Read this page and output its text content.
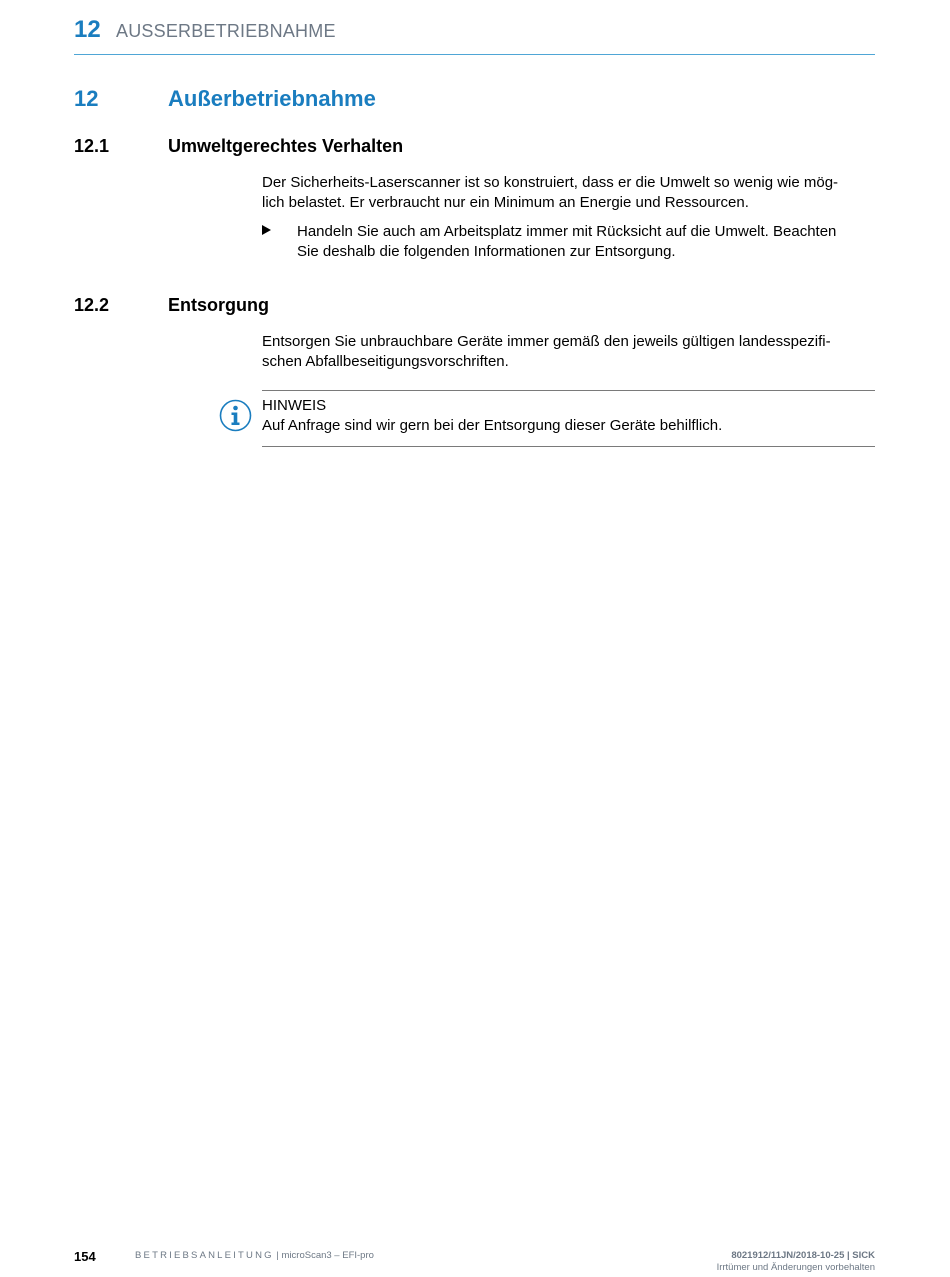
12 AUSSERBETRIEBNAHME
12	Außerbetriebnahme
12.1	Umweltgerechtes Verhalten
Der Sicherheits-Laserscanner ist so konstruiert, dass er die Umwelt so wenig wie mög-
lich belastet. Er verbraucht nur ein Minimum an Energie und Ressourcen.
Handeln Sie auch am Arbeitsplatz immer mit Rücksicht auf die Umwelt. Beachten
Sie deshalb die folgenden Informationen zur Entsorgung.
12.2	Entsorgung
Entsorgen Sie unbrauchbare Geräte immer gemäß den jeweils gültigen landesspezifi-
schen Abfallbeseitigungsvorschriften.
HINWEIS
Auf Anfrage sind wir gern bei der Entsorgung dieser Geräte behilflich.
154	BETRIEBSANLEITUNG | microScan3 – EFI-pro	8021912/11JN/2018-10-25 | SICK
Irrtümer und Änderungen vorbehalten
